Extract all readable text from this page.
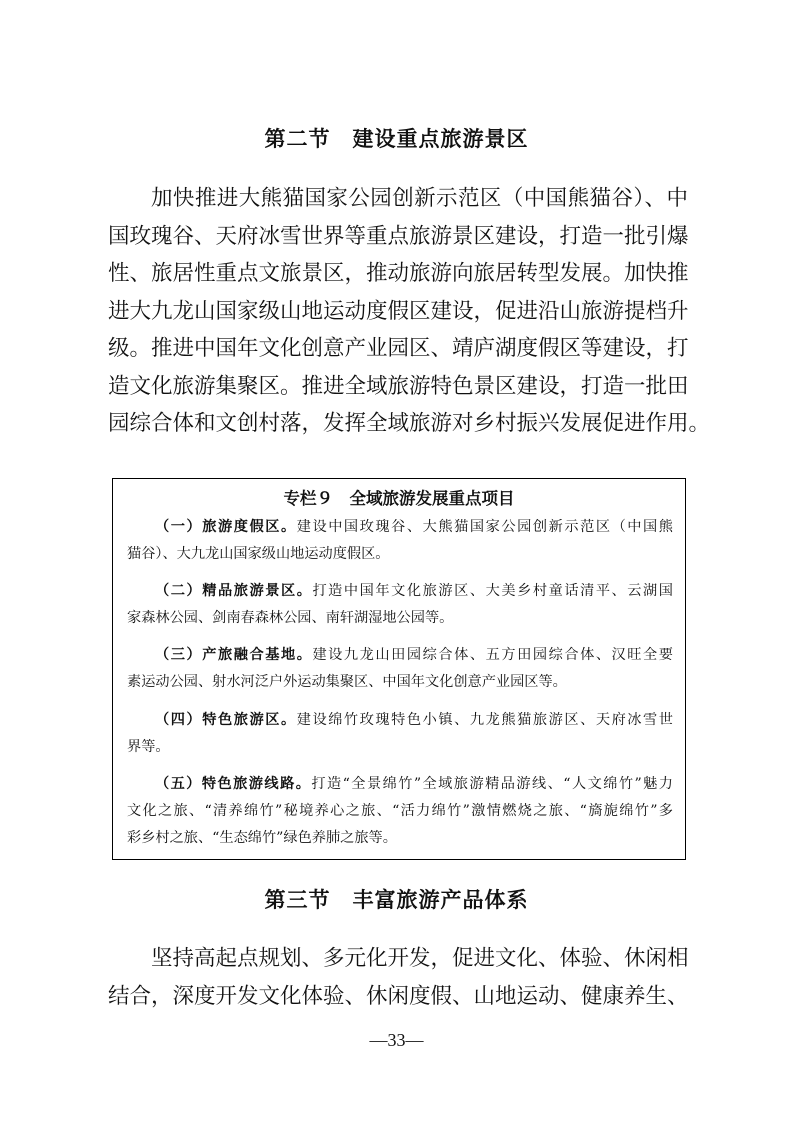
第二节　建设重点旅游景区
加快推进大熊猫国家公园创新示范区（中国熊猫谷）、中
国玫瑰谷、天府冰雪世界等重点旅游景区建设，打造一批引爆
性、旅居性重点文旅景区，推动旅游向旅居转型发展。加快推
进大九龙山国家级山地运动度假区建设，促进沿山旅游提档升
级。推进中国年文化创意产业园区、靖庐湖度假区等建设，打
造文化旅游集聚区。推进全域旅游特色景区建设，打造一批田
园综合体和文创村落，发挥全域旅游对乡村振兴发展促进作用。
专栏９　全域旅游发展重点项目
（一）旅游度假区。建设中国玫瑰谷、大熊猫国家公园创新示范区（中国熊
猫谷）、大九龙山国家级山地运动度假区。
（二）精品旅游景区。打造中国年文化旅游区、大美乡村童话清平、云湖国
家森林公园、剑南春森林公园、南轩湖湿地公园等。
（三）产旅融合基地。建设九龙山田园综合体、五方田园综合体、汉旺全要
素运动公园、射水河泛户外运动集聚区、中国年文化创意产业园区等。
（四）特色旅游区。建设绵竹玫瑰特色小镇、九龙熊猫旅游区、天府冰雪世
界等。
（五）特色旅游线路。打造“全景绵竹”全域旅游精品游线、“人文绵竹”魅力
文化之旅、“清养绵竹”秘境养心之旅、“活力绵竹”激情燃烧之旅、“旖旎绵竹”多
彩乡村之旅、“生态绵竹”绿色养肺之旅等。
第三节　丰富旅游产品体系
坚持高起点规划、多元化开发，促进文化、体验、休闲相
结合，深度开发文化体验、休闲度假、山地运动、健康养生、
—33—
